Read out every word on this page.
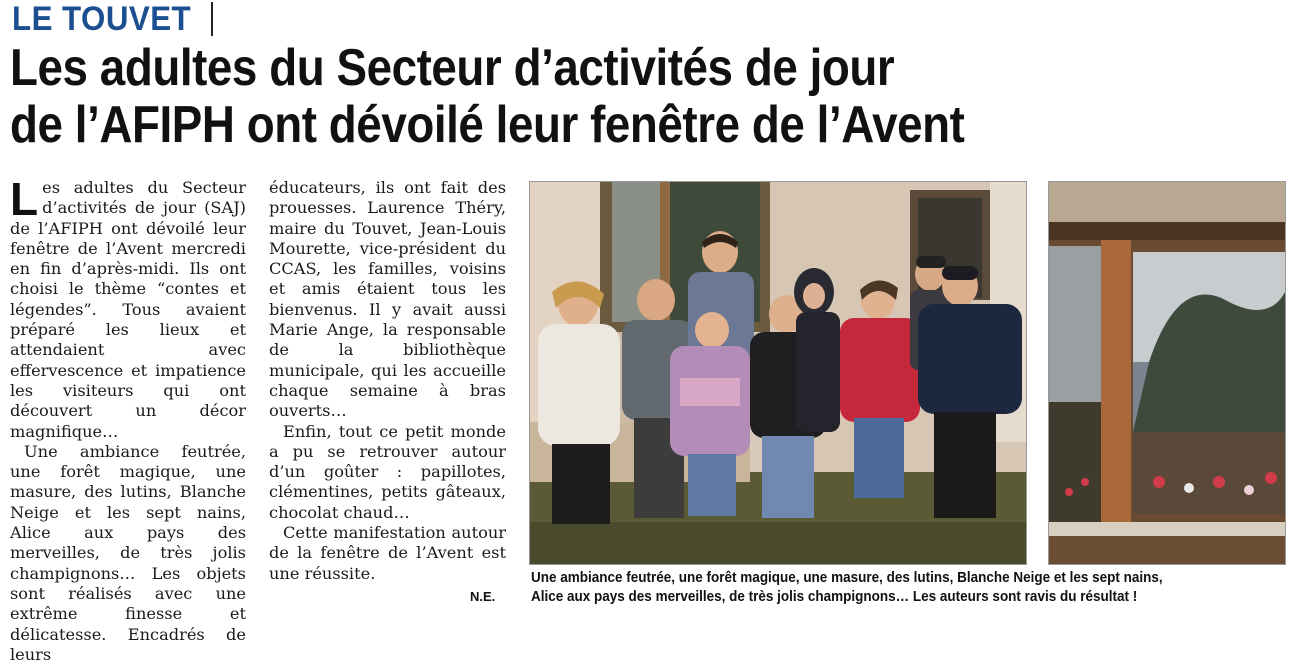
LE TOUVET
Les adultes du Secteur d’activités de jour
de l’AFIPH ont dévoilé leur fenêtre de l’Avent

Les adultes du Secteur d’activités de jour (SAJ) de l’AFIPH ont dévoilé leur fenêtre de l’Avent mercredi en fin d’après-midi. Ils ont choisi le thème “contes et légendes”. Tous avaient préparé les lieux et attendaient avec effervescence et impatience les visiteurs qui ont découvert un décor magnifique…

Une ambiance feutrée, une forêt magique, une masure, des lutins, Blanche Neige et les sept nains, Alice aux pays des merveilles, de très jolis champignons… Les objets sont réalisés avec une extrême finesse et délicatesse. Encadrés de leurs

éducateurs, ils ont fait des prouesses. Laurence Théry, maire du Touvet, Jean-Louis Mourette, vice-président du CCAS, les familles, voisins et amis étaient tous les bienvenus. Il y avait aussi Marie Ange, la responsable de la bibliothèque municipale, qui les accueille chaque semaine à bras ouverts…

Enfin, tout ce petit monde a pu se retrouver autour d’un goûter : papillotes, clémentines, petits gâteaux, chocolat chaud…

Cette manifestation autour de la fenêtre de l’Avent est une réussite.

N.E.

Une ambiance feutrée, une forêt magique, une masure, des lutins, Blanche Neige et les sept nains,
Alice aux pays des merveilles, de très jolis champignons… Les auteurs sont ravis du résultat !
